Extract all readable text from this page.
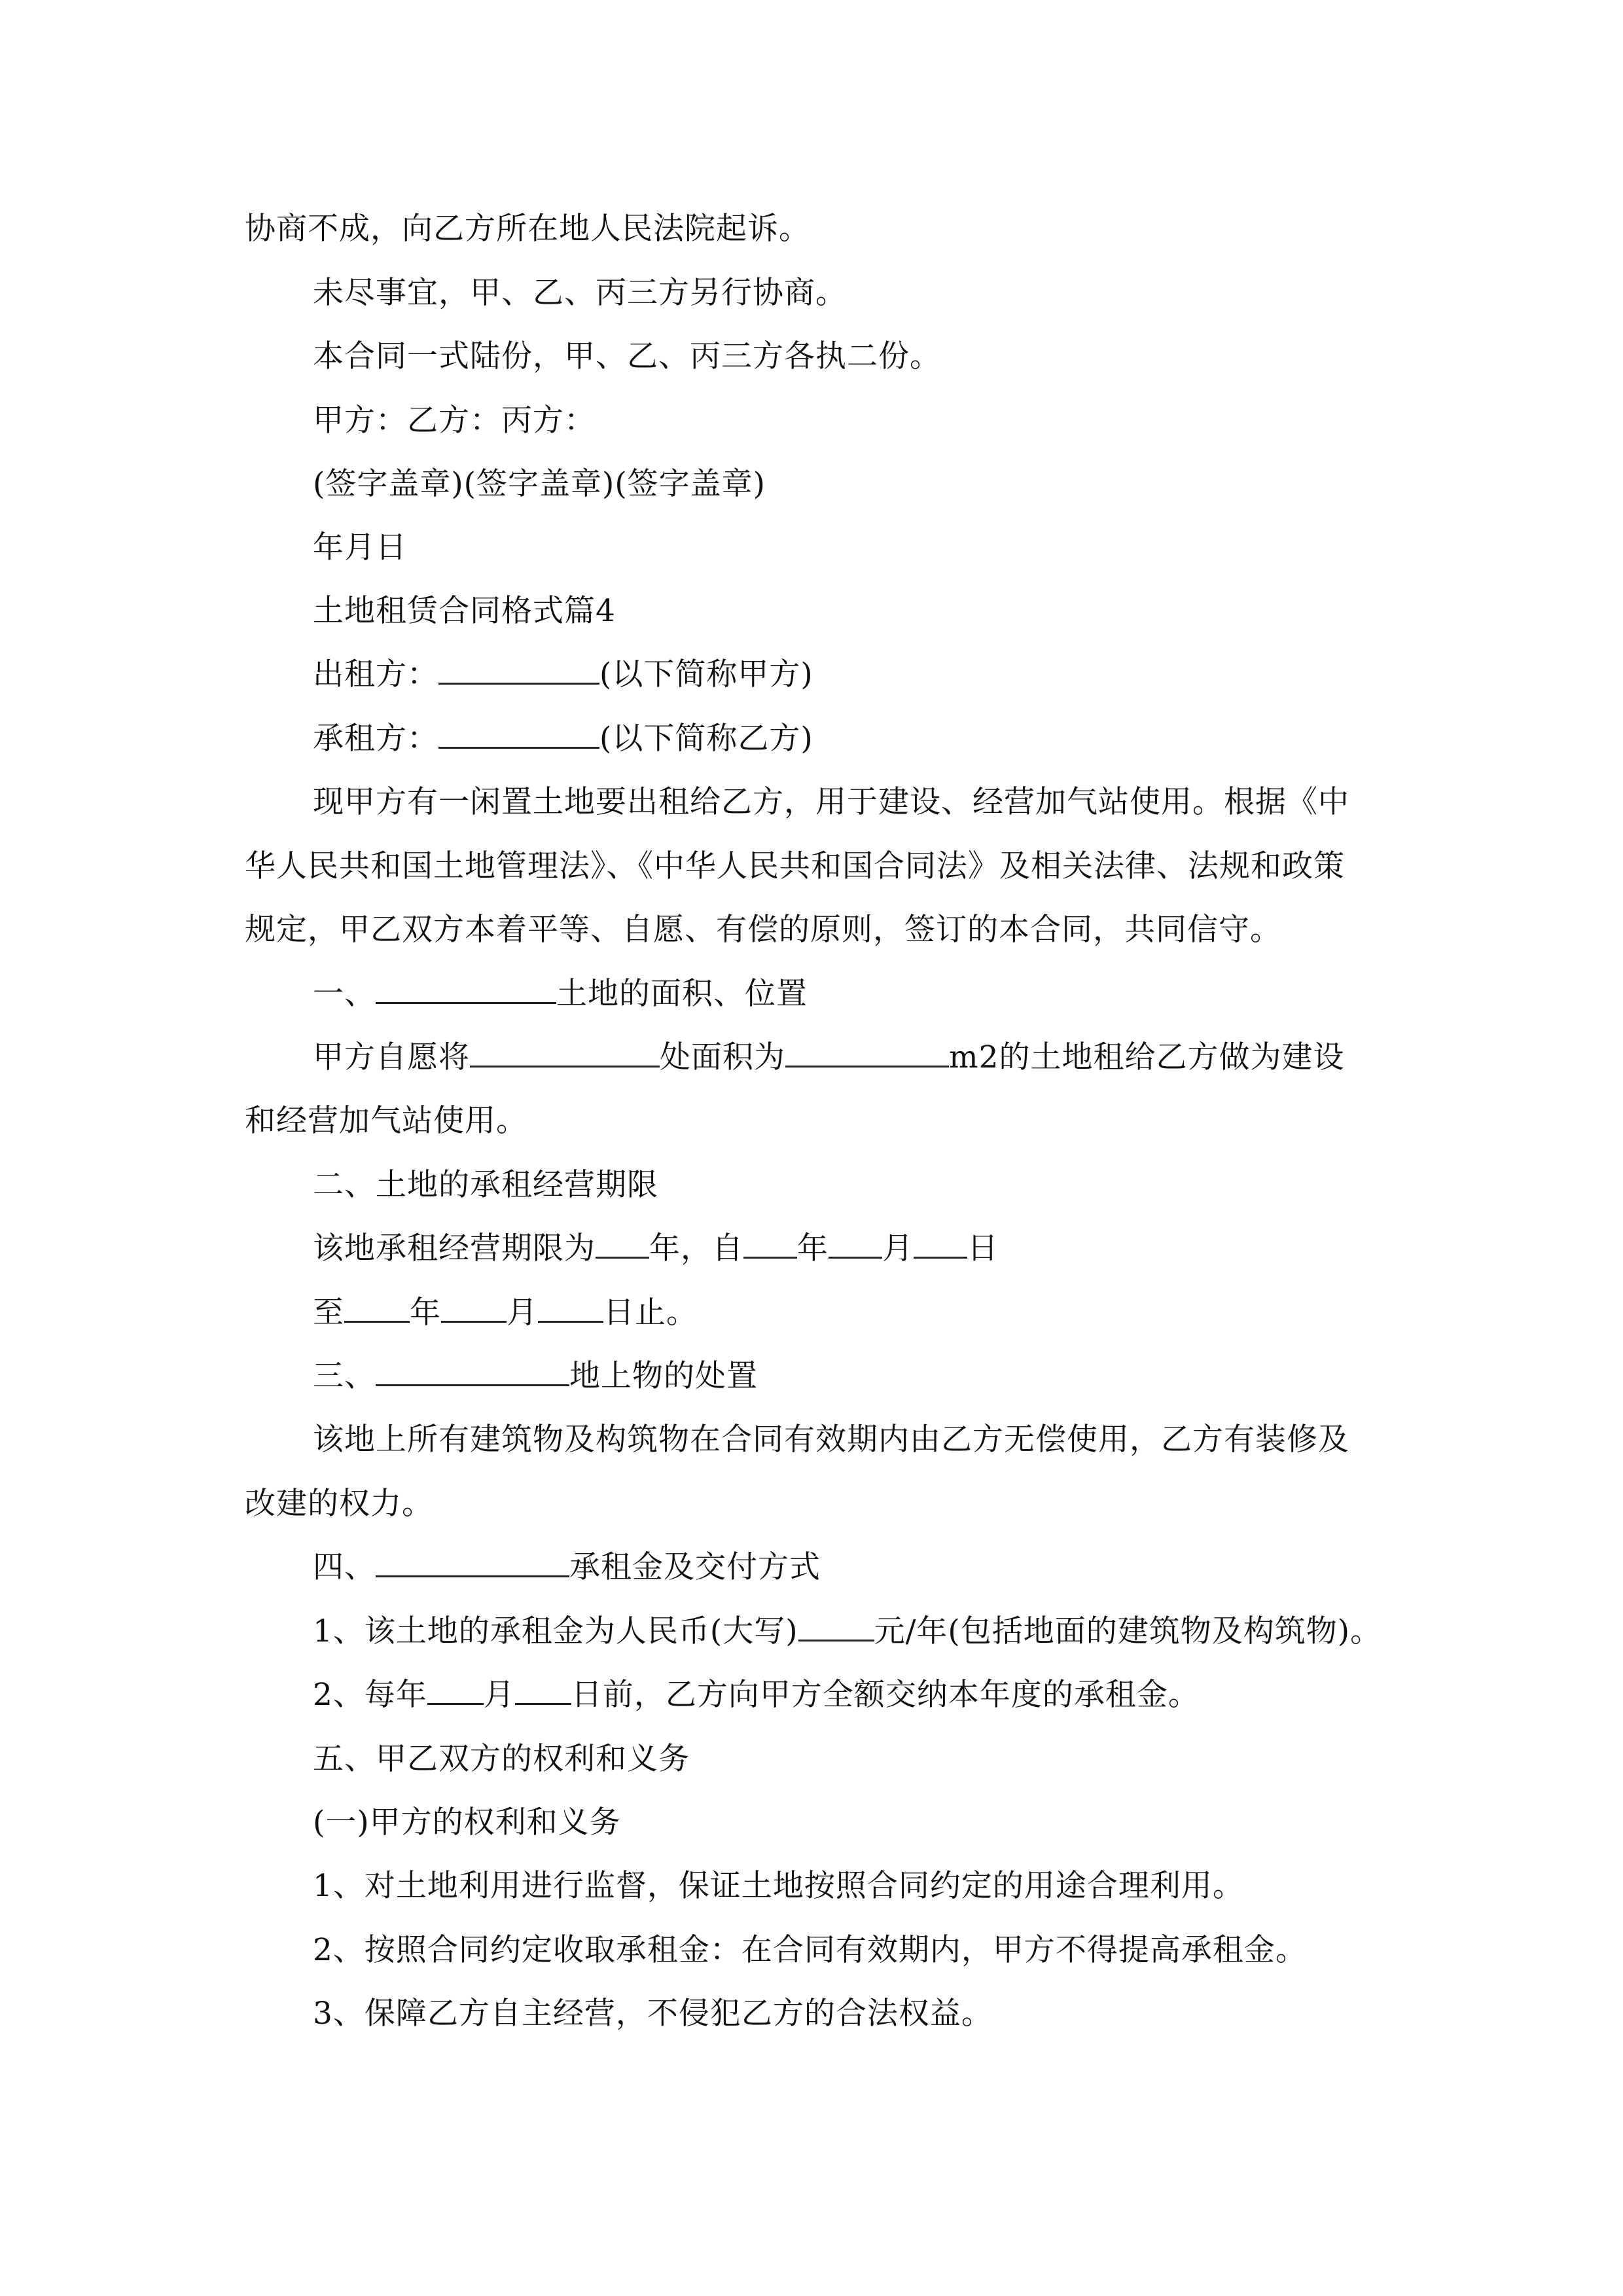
协商不成，向乙方所在地人民法院起诉。
未尽事宜，甲、乙、丙三方另行协商。
本合同一式陆份，甲、乙、丙三方各执二份。
甲方：乙方：丙方：
(签字盖章)(签字盖章)(签字盖章)
年月日
土地租赁合同格式篇4
出租方：	(以下简称甲方)
承租方：	(以下简称乙方)
现甲方有一闲置土地要出租给乙方，用于建设、经营加气站使用。根据《中
华人民共和国土地管理法》、《中华人民共和国合同法》及相关法律、法规和政策
规定，甲乙双方本着平等、自愿、有偿的原则，签订的本合同，共同信守。
一、	土地的面积、位置
甲方自愿将	处面积为	m2的土地租给乙方做为建设
和经营加气站使用。
二、土地的承租经营期限
该地承租经营期限为 年，自 年 月 日
至 年 月 日止。
三、	地上物的处置
该地上所有建筑物及构筑物在合同有效期内由乙方无偿使用，乙方有装修及
改建的权力。
四、	承租金及交付方式
1、该土地的承租金为人民币(大写) 元/年(包括地面的建筑物及构筑物)。
2、每年 月 日前，乙方向甲方全额交纳本年度的承租金。
五、甲乙双方的权利和义务
(一)甲方的权利和义务
1、对土地利用进行监督，保证土地按照合同约定的用途合理利用。
2、按照合同约定收取承租金：在合同有效期内，甲方不得提高承租金。
3、保障乙方自主经营，不侵犯乙方的合法权益。
